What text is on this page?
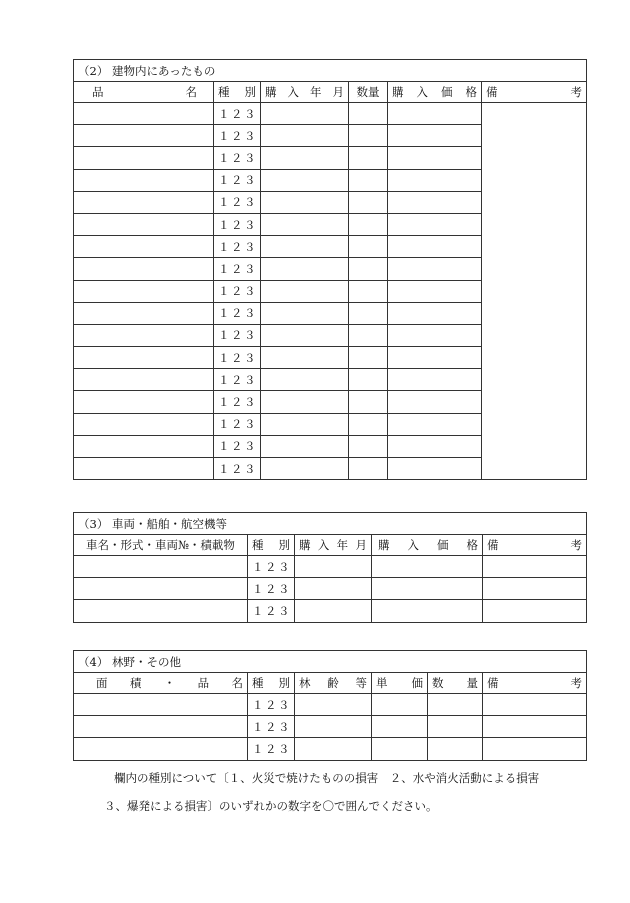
（2） 建物内にあったもの					

品 名	種 別	購 入 年 月	数量	購 入 価 格	備 考

	１２３				
	１２３				
	１２３				
	１２３				
	１２３				
	１２３				
	１２３				
	１２３				
	１２３				
	１２３				
	１２３				
	１２３				
	１２３				
	１２３				
	１２３				
	１２３				
	１２３				
（3） 車両・船舶・航空機等				
車名・形式・車両№・積載物	種 別	購 入 年 月	購 入 価 格	備 考

	１２３			
	１２３			
	１２３			
（4） 林野・その他					

面 積 ・ 品 名	種 別	林 齢 等	単 価	数 量	備 考

	１２３				
	１２３				
	１２３				
欄内の種別について〔１、火災で焼けたものの損害　２、水や消火活動による損害
３、爆発による損害〕のいずれかの数字を〇で囲んでください。
